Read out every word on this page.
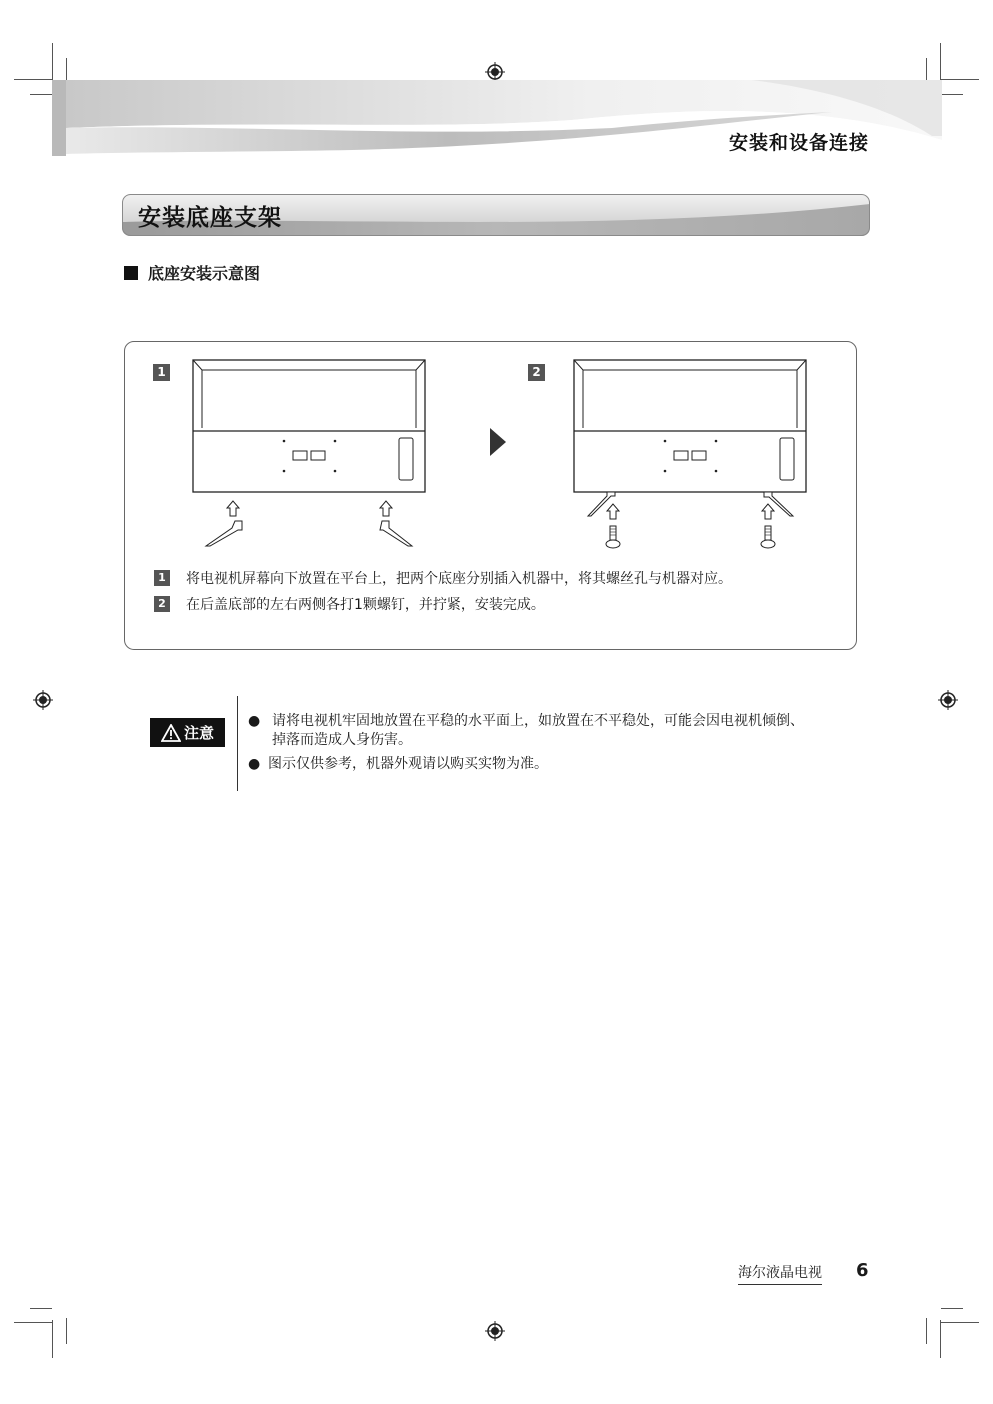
安装和设备连接
安装底座支架
底座安装示意图
1	2
1 将电视机屏幕向下放置在平台上，把两个底座分别插入机器中，将其螺丝孔与机器对应。
2 在后盖底部的左右两侧各打1颗螺钉，并拧紧，安装完成。
注意
● 请将电视机牢固地放置在平稳的水平面上，如放置在不平稳处，可能会因电视机倾倒、
掉落而造成人身伤害。
● 图示仅供参考，机器外观请以购买实物为准。
海尔液晶电视 6
